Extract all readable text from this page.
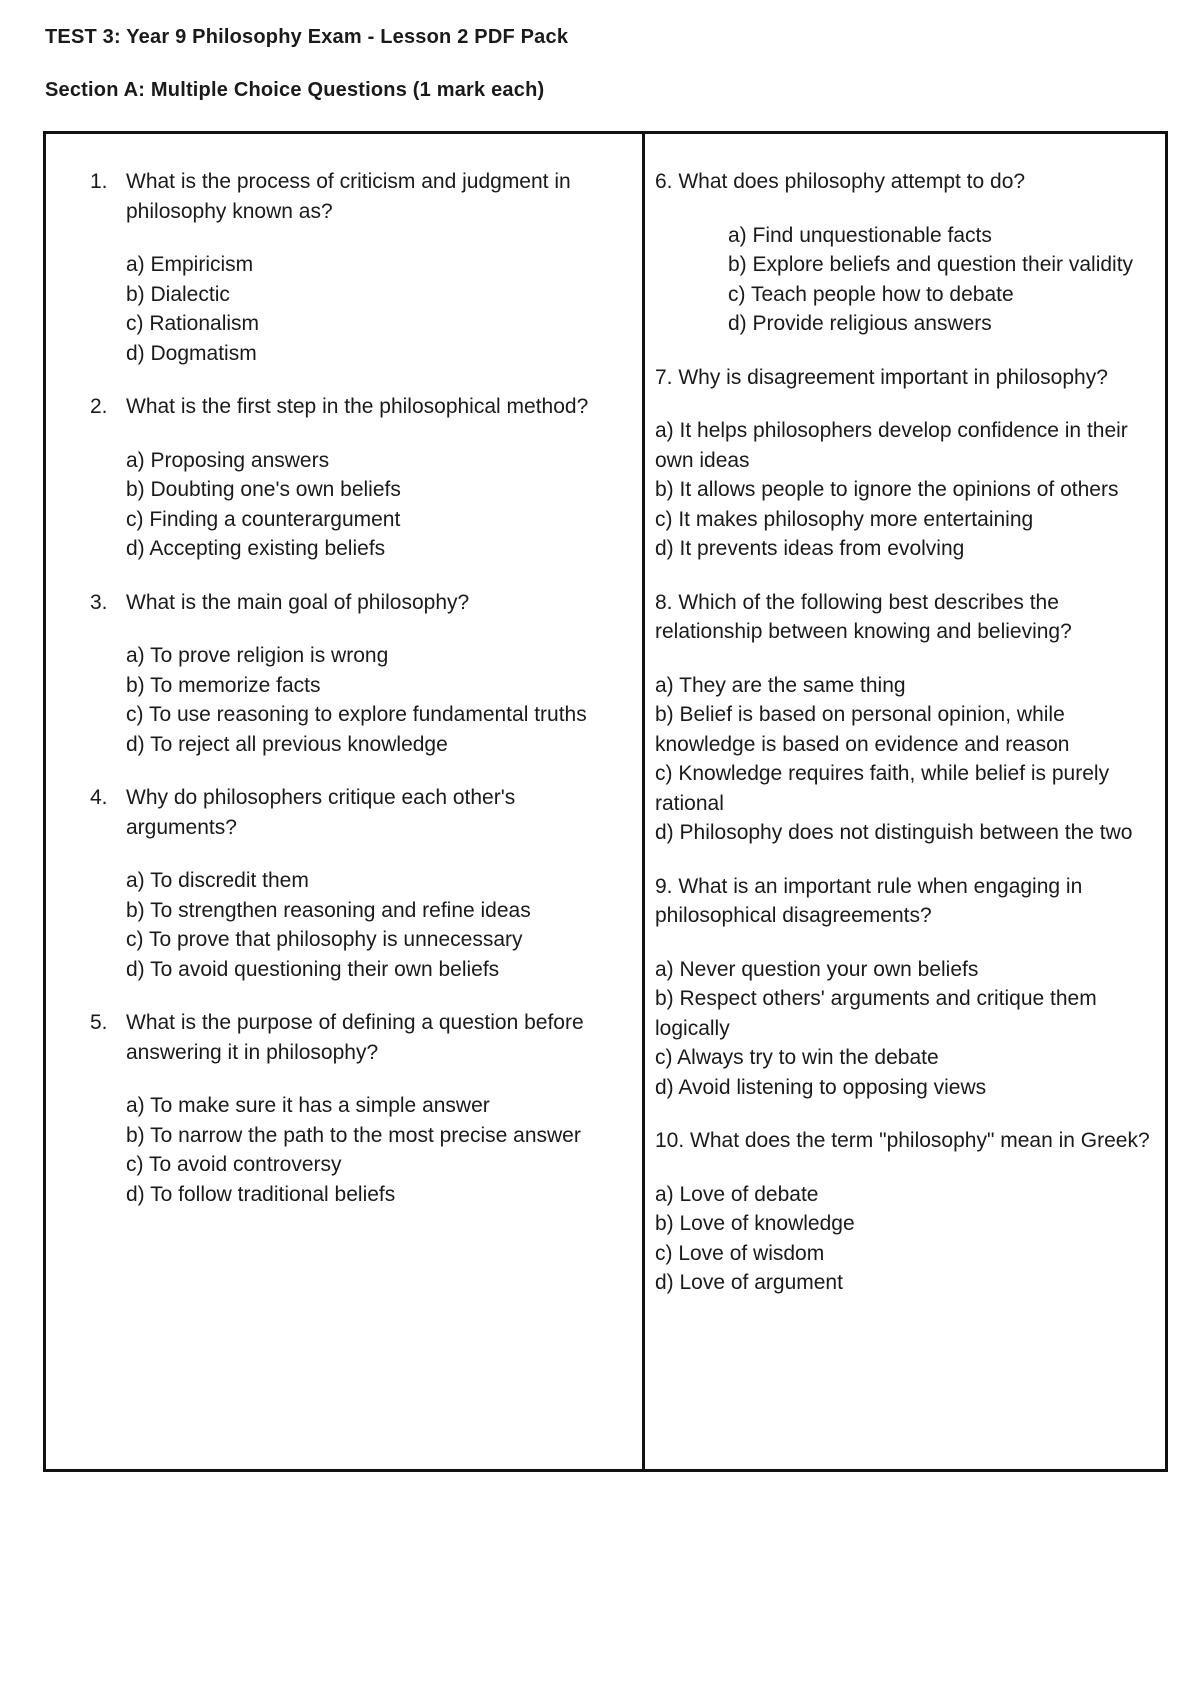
TEST 3: Year 9 Philosophy Exam - Lesson 2 PDF Pack
Section A: Multiple Choice Questions (1 mark each)
1. What is the process of criticism and judgment in philosophy known as?
a) Empiricism
b) Dialectic
c) Rationalism
d) Dogmatism
2. What is the first step in the philosophical method?
a) Proposing answers
b) Doubting one's own beliefs
c) Finding a counterargument
d) Accepting existing beliefs
3. What is the main goal of philosophy?
a) To prove religion is wrong
b) To memorize facts
c) To use reasoning to explore fundamental truths
d) To reject all previous knowledge
4. Why do philosophers critique each other's arguments?
a) To discredit them
b) To strengthen reasoning and refine ideas
c) To prove that philosophy is unnecessary
d) To avoid questioning their own beliefs
5. What is the purpose of defining a question before answering it in philosophy?
a) To make sure it has a simple answer
b) To narrow the path to the most precise answer
c) To avoid controversy
d) To follow traditional beliefs
6. What does philosophy attempt to do?
a) Find unquestionable facts
b) Explore beliefs and question their validity
c) Teach people how to debate
d) Provide religious answers
7. Why is disagreement important in philosophy?
a) It helps philosophers develop confidence in their own ideas
b) It allows people to ignore the opinions of others
c) It makes philosophy more entertaining
d) It prevents ideas from evolving
8. Which of the following best describes the relationship between knowing and believing?
a) They are the same thing
b) Belief is based on personal opinion, while knowledge is based on evidence and reason
c) Knowledge requires faith, while belief is purely rational
d) Philosophy does not distinguish between the two
9. What is an important rule when engaging in philosophical disagreements?
a) Never question your own beliefs
b) Respect others' arguments and critique them logically
c) Always try to win the debate
d) Avoid listening to opposing views
10. What does the term "philosophy" mean in Greek?
a) Love of debate
b) Love of knowledge
c) Love of wisdom
d) Love of argument
